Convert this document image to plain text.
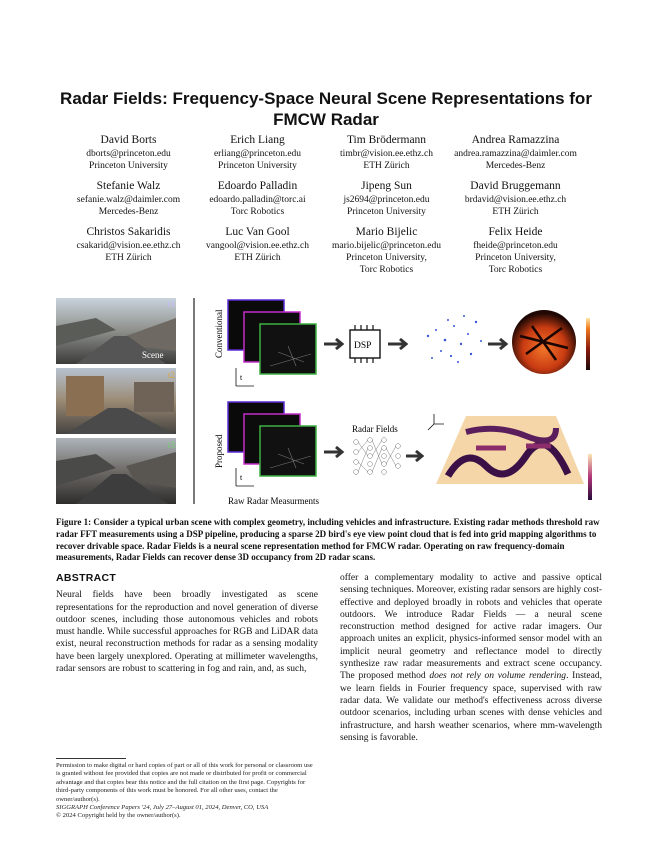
Radar Fields: Frequency-Space Neural Scene Representations for
FMCW Radar
David Borts
dborts@princeton.edu
Princeton University
Erich Liang
erliang@princeton.edu
Princeton University
Tim Brödermann
timbr@vision.ee.ethz.ch
ETH Zürich
Andrea Ramazzina
andrea.ramazzina@daimler.com
Mercedes-Benz
Stefanie Walz
sefanie.walz@daimler.com
Mercedes-Benz
Edoardo Palladin
edoardo.palladin@torc.ai
Torc Robotics
Jipeng Sun
js2694@princeton.edu
Princeton University
David Bruggemann
brdavid@vision.ee.ethz.ch
ETH Zürich
Christos Sakaridis
csakarid@vision.ee.ethz.ch
ETH Zürich
Luc Van Gool
vangool@vision.ee.ethz.ch
ETH Zürich
Mario Bijelic
mario.bijelic@princeton.edu
Princeton University,
Torc Robotics
Felix Heide
fheide@princeton.edu
Princeton University,
Torc Robotics
t1
Scene
t2
t3
Conventional
t
DSP
Proposed
t
Raw Radar Measurments
Radar Fields
Figure 1: Consider a typical urban scene with complex geometry, including vehicles and infrastructure. Existing radar methods threshold raw radar FFT measurements using a DSP pipeline, producing a sparse 2D bird's eye view point cloud that is fed into grid mapping algorithms to recover drivable space. Radar Fields is a neural scene representation method for FMCW radar. Operating on raw frequency-domain measurements, Radar Fields can recover dense 3D occupancy from 2D radar scans.
ABSTRACT
Neural fields have been broadly investigated as scene representations for the reproduction and novel generation of diverse outdoor scenes, including those autonomous vehicles and robots must handle. While successful approaches for RGB and LiDAR data exist, neural reconstruction methods for radar as a sensing modality have been largely unexplored. Operating at millimeter wavelengths, radar sensors are robust to scattering in fog and rain, and, as such,
offer a complementary modality to active and passive optical sensing techniques. Moreover, existing radar sensors are highly cost-effective and deployed broadly in robots and vehicles that operate outdoors. We introduce Radar Fields — a neural scene reconstruction method designed for active radar imagers. Our approach unites an explicit, physics-informed sensor model with an implicit neural geometry and reflectance model to directly synthesize raw radar measurements and extract scene occupancy. The proposed method does not rely on volume rendering. Instead, we learn fields in Fourier frequency space, supervised with raw radar data. We validate our method's effectiveness across diverse outdoor scenarios, including urban scenes with dense vehicles and infrastructure, and harsh weather scenarios, where mm-wavelength sensing is favorable.
Permission to make digital or hard copies of part or all of this work for personal or classroom use is granted without fee provided that copies are not made or distributed for profit or commercial advantage and that copies bear this notice and the full citation on the first page. Copyrights for third-party components of this work must be honored. For all other uses, contact the owner/author(s).
SIGGRAPH Conference Papers '24, July 27–August 01, 2024, Denver, CO, USA
© 2024 Copyright held by the owner/author(s).
